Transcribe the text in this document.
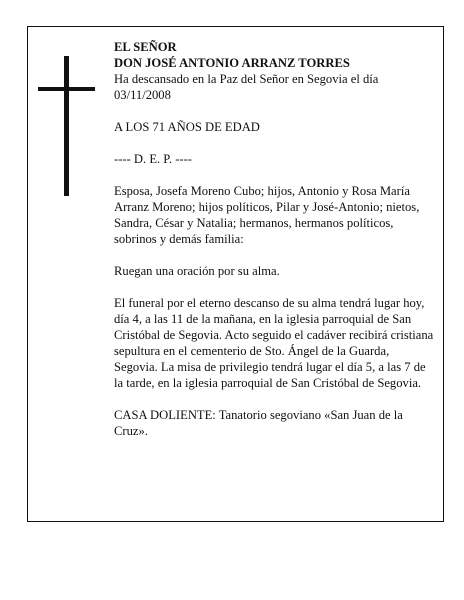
EL SEÑOR

DON JOSÉ ANTONIO ARRANZ TORRES

Ha descansado en la Paz del Señor en Segovia el día 03/11/2008

A LOS 71 AÑOS DE EDAD

---- D. E. P. ----

Esposa, Josefa Moreno Cubo; hijos, Antonio y Rosa María Arranz Moreno; hijos políticos, Pilar y José-Antonio; nietos, Sandra, César y Natalia; hermanos, hermanos políticos, sobrinos y demás familia:

Ruegan una oración por su alma.

El funeral por el eterno descanso de su alma tendrá lugar hoy, día 4, a las 11 de la mañana, en la iglesia parroquial de San Cristóbal de Segovia. Acto seguido el cadáver recibirá cristiana sepultura en el cementerio de Sto. Ángel de la Guarda, Segovia. La misa de privilegio tendrá lugar el día 5, a las 7 de la tarde, en la iglesia parroquial de San Cristóbal de Segovia.

CASA DOLIENTE: Tanatorio segoviano «San Juan de la Cruz».
